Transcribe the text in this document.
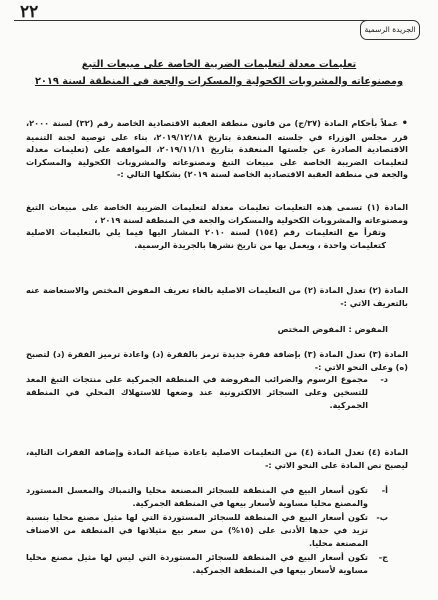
٢٢
الجريدة الرسمية
تعليمات معدلة لتعليمات الضريبة الخاصة على مبيعات التبغ
ومصنوعاته والمشروبات الكحولية والمسكرات والجعة في المنطقة لسنة ٢٠١٩

• عملاً بأحكام المادة (٣٧/ج) من قانون منطقة العقبة الاقتصادية الخاصة رقم (٣٢) لسنة ٢٠٠٠، قرر مجلس الوزراء في جلسته المنعقدة بتاريخ ٢٠١٩/١٢/١٨، بناء على توصية لجنة التنمية الاقتصادية الصادرة عن جلستها المنعقدة بتاريخ ٢٠١٩/١١/١١، الموافقة على (تعليمات معدلة لتعليمات الضريبة الخاصة على مبيعات التبغ ومصنوعاته والمشروبات الكحولية والمسكرات والجعة في منطقة العقبة الاقتصادية الخاصة لسنة ٢٠١٩) بشكلها التالي :-

المادة (١) تسمى هذه التعليمات تعليمات معدلة لتعليمات الضريبة الخاصة على مبيعات التبغ ومصنوعاته والمشروبات الكحولية والمسكرات والجعة في المنطقة لسنة ٢٠١٩ ،

وتقرأ مع التعليمات رقم (١٥٤) لسنة ٢٠١٠ المشار اليها فيما يلي بالتعليمات الاصلية كتعليمات واحدة ، ويعمل بها من تاريخ نشرها بالجريدة الرسمية.

المادة (٢) تعدل المادة (٢) من التعليمات الاصلية بالغاء تعريف المفوض المختص والاستعاضة عنه بالتعريف الاتي :-

المفوض : المفوض المختص

المادة (٣) تعدل المادة (٣) بإضافة فقرة جديدة ترمز بالفقرة (د) واعادة ترميز الفقرة (د) لتصبح (ه) وعلى النحو الاتي :-

د-
مجموع الرسوم والضرائب المفروضة في المنطقة الجمركية على منتجات التبغ المعد للتسخين وعلى السجائر الالكترونية عند وضعها للاستهلاك المحلي في المنطقة الجمركية.

المادة (٤) تعدل المادة (٤) من التعليمات الاصلية باعادة صياغة المادة وإضافة الفقرات التالية، ليصبح نص المادة على النحو الاتي :-

أ-
تكون أسعار البيع في المنطقة للسجائر المصنعة محليا والتمباك والمعسل المستورد والمصنع محليا مساوية لأسعار بيعها في المنطقة الجمركية.
ب-
تكون أسعار البيع في المنطقة للسجائر المستوردة التي لها مثيل مصنع محليا بنسبة تزيد في حدها الأدنى على (١٥%) من سعر بيع مثيلاتها في المنطقة من الاصناف المصنعة محليا.
ج-
تكون أسعار البيع في المنطقة للسجائر المستوردة التي ليس لها مثيل مصنع محليا مساوية لأسعار بيعها في المنطقة الجمركية.
